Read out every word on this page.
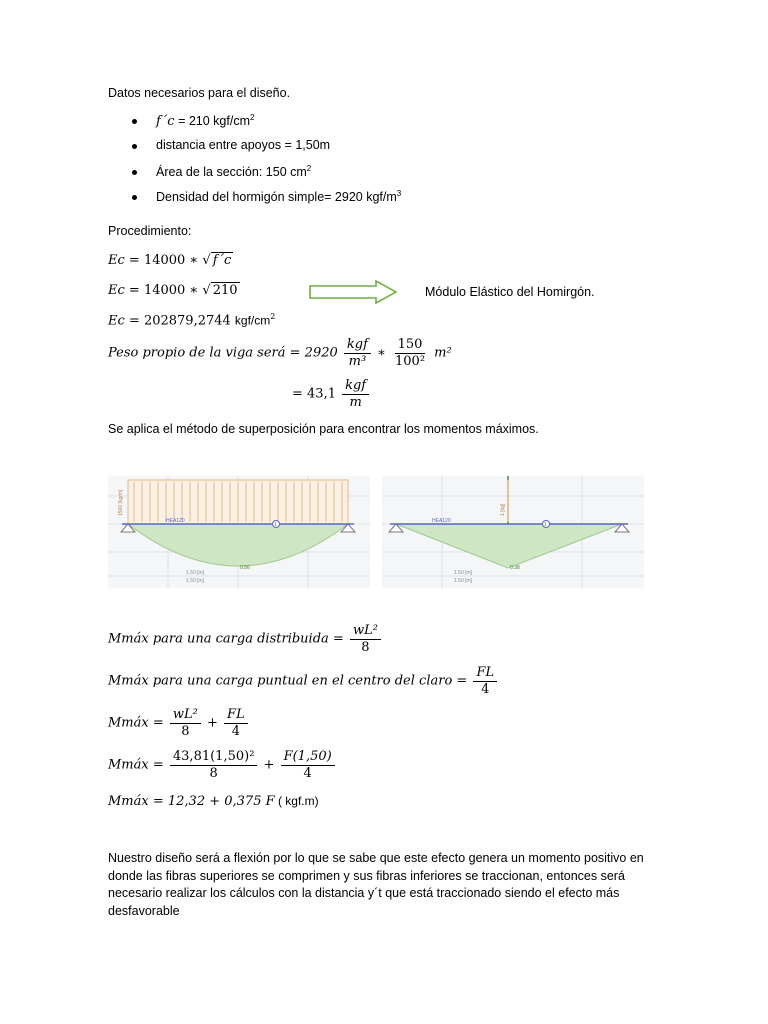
Datos necesarios para el diseño.
f´c = 210 kgf/$cm^2$
distancia entre apoyos = 1,50m
Área de la sección: 150 $cm^2$
Densidad del hormigón simple= 2920 kgf/$m^3$
Procedimiento:
Ec = 14000 ∗ √ f´c
Ec = 14000 ∗ √ 210	Módulo Elástico del Homirgón.
Ec = 202879,2744 kgf/$cm^2$
Peso propio de la viga será = $2920 \frac{\text{kgf}}{\text{m³}}$ ∗ $\frac{150}{\text{100²}} m^2$
= $43,1 \frac{\text{kgf}}{m}$
Se aplica el método de superposición para encontrar los momentos máximos.
1500 [kg/m]
HEA120
1
0.56
1.50 [m]
1.50 [m]
1 [kg]
HEA120
1
0.38
1.50 [m]
1.50 [m]
Mmáx para una carga distribuida = $\frac{\text{wL²}}{8}$
Mmáx para una carga puntual en el centro del claro = $\frac{FL}{4}$
Mmáx = $\frac{\text{wL²}}{8} + \frac{FL}{4}$
Mmáx = $\frac{\text{43,81(1,50)²}}{8} + \frac{F(1,50)}{4}$
Mmáx = 12,32 + 0,375 F ( kgf.m)
Nuestro diseño será a flexión por lo que se sabe que este efecto genera un momento positivo en donde las fibras superiores se comprimen y sus fibras inferiores se traccionan, entonces será necesario realizar los cálculos con la distancia y´t que está traccionado siendo el efecto más desfavorable
